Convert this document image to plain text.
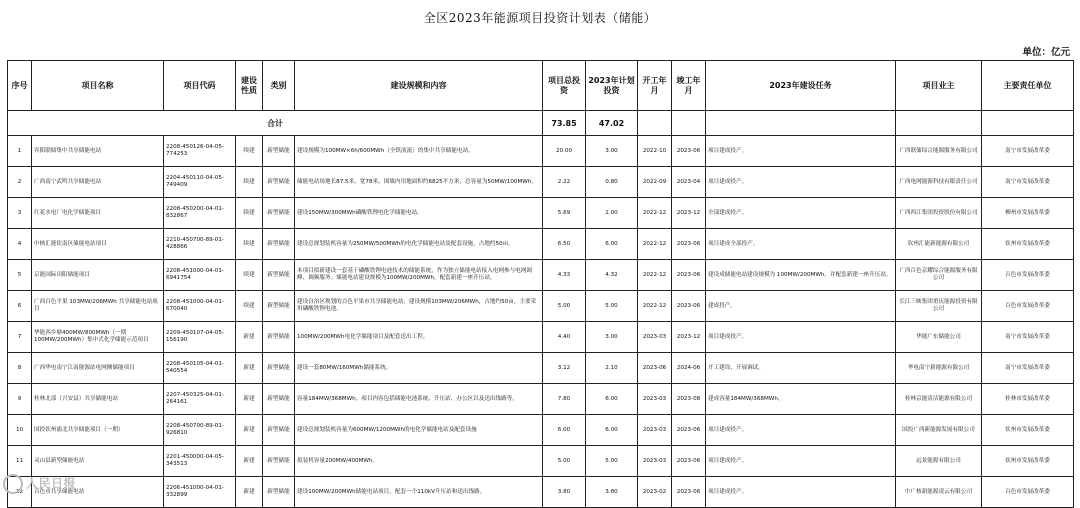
全区2023年能源项目投资计划表（储能）
单位：亿元
序号	项目名称	项目代码	建设性质	类别	建设规模和内容	项目总投资	2023年计划投资	开工年月	竣工年月	2023年建设任务	项目业主	主要责任单位
合计						73.85	47.02					
1	宾阳联储集中共享储能电站	2208-450126-04-05-774253	续建	新型储能	建设规模为100MW×6h/600MWh（全钒液流）的集中共享储能电站。	20.00	3.00	2022-10	2023-06	项目建成投产。	广西联储综合能源服务有限公司	南宁市发展改革委
2	广西南宁武鸣共享储能电站	2204-450110-04-05-749409	续建	新型储能	储能电站场地长87.5米，宽78米，围墙内用地面积约6825平方米，总容量为50MW/100MWh。	2.22	0.80	2022-09	2023-04	项目建成投产。	广西电网能源科技有限责任公司	南宁市发展改革委
3	红花水电厂电化学储能项目	2208-450200-04-01-832867	续建	新型储能	建设150MW/300MWh磷酸铁锂电化学储能电站。	5.69	2.00	2022-12	2023-12	全部建成投产。	广西西江集团投资股份有限公司	柳州市发展改革委
4	中核汇能钦南区储能电站项目	2210-450700-89-01-428866	续建	新型储能	建设总规划装机容量为250MW/500MWh的电化学储能电站及配套设施，占地约50亩。	6.50	6.00	2022-12	2023-06	项目建成全部投产。	钦州汇能新能源有限公司	钦州市发展改革委
5	京能国际田阳储能项目	2208-451000-04-01-6941754	续建	新型储能	本项目拟新建设一套基于磷酸铁锂电池技术的储能系统，作为独立储能电站接入电网参与电网调峰、调频服务。储能电站建设规模为100MW/200MWh，配套新建一座升压站。	4.33	4.32	2022-12	2023-06	建设成储能电站建设规模为 100MW/200MWh，并配套新建一座升压站。	广西百色京耀综合能源服务有限公司	百色市发展改革委
6	广西百色平果 103MW/206MWh 共享储能电站项目	2208-451000-04-01-670040	续建	新型储能	建设自治区规划的百色平果市共享储能电站，建设规模103MW/206MWh，占地约50亩，主要采用磷酸铁锂电池。	5.00	5.00	2022-12	2023-06	建成投产。	长江三峡集团重庆能源投资有限公司	百色市发展改革委
7	华能西乡塘400MW/800MWh（一期100MW/200MWh）集中式化学储能示范项目	2209-450107-04-05-156190	新建	新型储能	100MW/200MWh电化学储能项目及配套送出工程。	4.40	3.00	2023-03	2023-12	项目建成投产。	华能广东储能公司	南宁市发展改革委
8	广西华电南宁江南能源站电网侧储能项目	2208-450105-04-01-540554	新建	新型储能	建设一套80MW/160MWh储能系统。	3.12	2.10	2023-06	2024-06	开工建设，开展调试。	华电南宁新能源有限公司	南宁市发展改革委
9	桂林北部（兴安县）共享储能电站	2207-450325-04-01-264161	新建	新型储能	容量184MW/368MWh。项目内容包括储能电池系统、升压站、办公区以及送出线路等。	7.80	6.00	2023-03	2023-08	建成容量184MW/368MWh。	桂林京能清洁能源有限公司	桂林市发展改革委
10	国投钦州浦北共享储能项目（一期）	2208-450700-89-01-926810	新建	新型储能	建设总规划装机容量为600MW/1200MWh的电化学储能电站及配套设施	6.00	6.00	2023-03	2023-06	项目建成投产。	国投广西新能源发展有限公司	钦州市发展改革委
11	灵山县新型储能电站	2201-450000-04-05-343513	新建	新型储能	拟装机容量200MW/400MWh。	5.00	5.00	2023-03	2023-06	项目建成投产。	远景能源有限公司	钦州市发展改革委
12	百色市共享储能电站	2206-451000-04-01-332899	新建	新型储能	建设100MW/200MWh储能电站项目，配套一个110kV升压站和送出线路。	3.80	3.80	2023-02	2023-06	项目建成投产。	中广核新能源凌云有限公司	百色市发展改革委
人民日报
